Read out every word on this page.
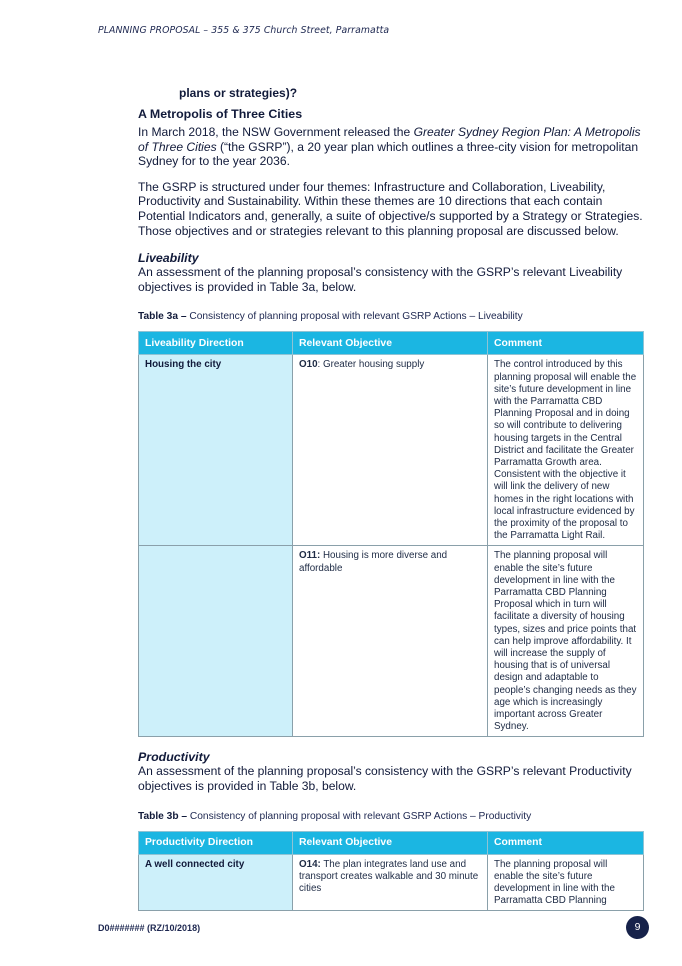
PLANNING PROPOSAL – 355 & 375 Church Street, Parramatta
plans or strategies)?
A Metropolis of Three Cities

In March 2018, the NSW Government released the Greater Sydney Region Plan: A Metropolis of Three Cities (“the GSRP”), a 20 year plan which outlines a three-city vision for metropolitan Sydney for to the year 2036.

The GSRP is structured under four themes: Infrastructure and Collaboration, Liveability, Productivity and Sustainability. Within these themes are 10 directions that each contain Potential Indicators and, generally, a suite of objective/s supported by a Strategy or Strategies. Those objectives and or strategies relevant to this planning proposal are discussed below.

Liveability

An assessment of the planning proposal’s consistency with the GSRP’s relevant Liveability objectives is provided in Table 3a, below.

Table 3a – Consistency of planning proposal with relevant GSRP Actions – Liveability
Liveability Direction	Relevant Objective	Comment
Housing the city	O10: Greater housing supply	The control introduced by this planning proposal will enable the site’s future development in line with the Parramatta CBD Planning Proposal and in doing so will contribute to delivering housing targets in the Central District and facilitate the Greater Parramatta Growth area. Consistent with the objective it will link the delivery of new homes in the right locations with local infrastructure evidenced by the proximity of the proposal to the Parramatta Light Rail.
	O11: Housing is more diverse and affordable	The planning proposal will enable the site’s future development in line with the Parramatta CBD Planning Proposal which in turn will facilitate a diversity of housing types, sizes and price points that can help improve affordability. It will increase the supply of housing that is of universal design and adaptable to people’s changing needs as they age which is increasingly important across Greater Sydney.
Productivity

An assessment of the planning proposal’s consistency with the GSRP’s relevant Productivity objectives is provided in Table 3b, below.

Table 3b – Consistency of planning proposal with relevant GSRP Actions – Productivity
Productivity Direction	Relevant Objective	Comment
A well connected city	O14: The plan integrates land use and transport creates walkable and 30 minute cities	The planning proposal will enable the site’s future development in line with the Parramatta CBD Planning
D0####### (RZ/10/2018)	9
